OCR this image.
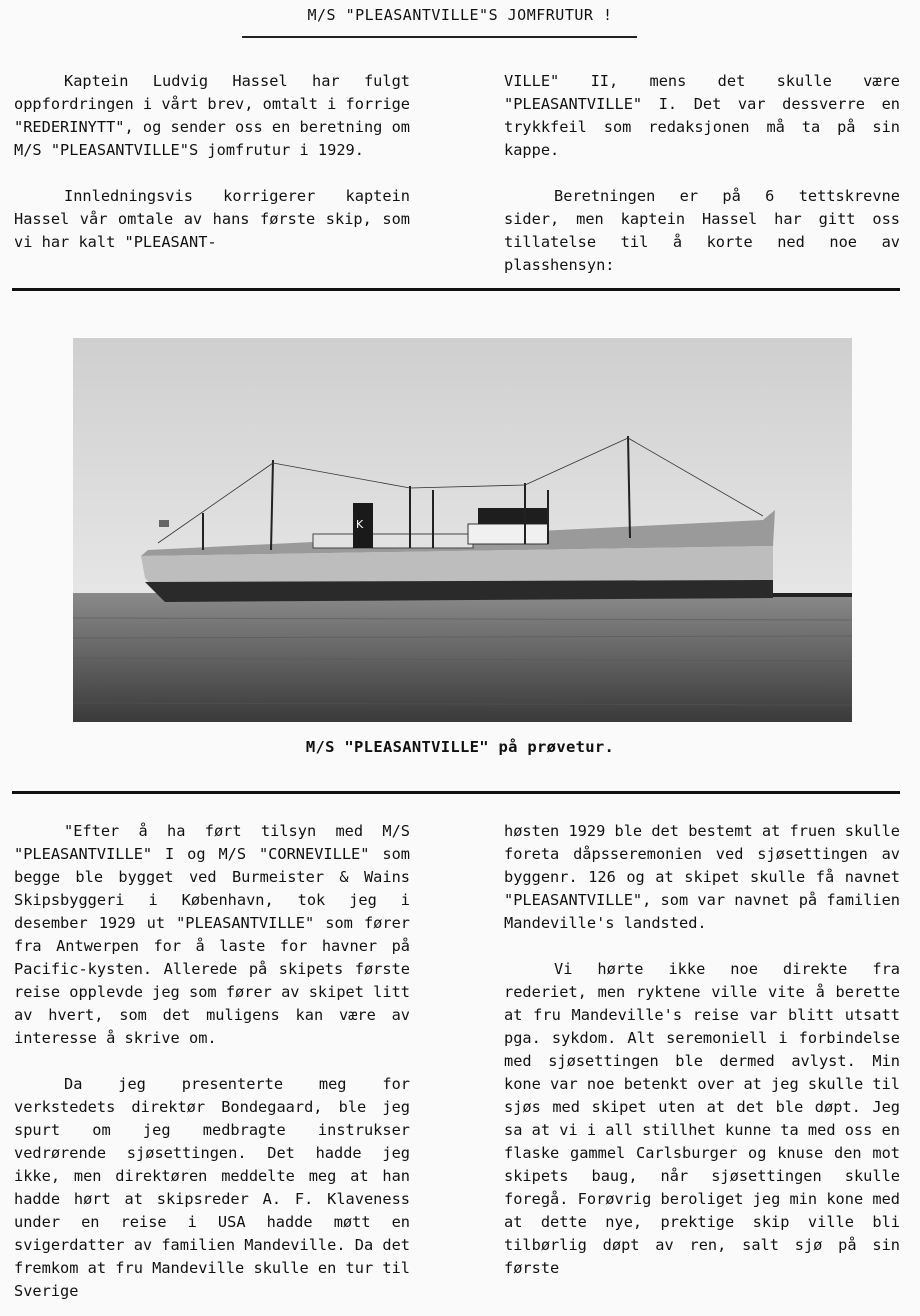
M/S "PLEASANTVILLE"S JOMFRUTUR !

Kaptein Ludvig Hassel har fulgt oppfordringen i vårt brev, omtalt i forrige "REDERINYTT", og sender oss en beretning om M/S "PLEASANTVILLE"S jomfrutur i 1929.

Innledningsvis korrigerer kaptein Hassel vår omtale av hans første skip, som vi har kalt "PLEASANT-

VILLE" II, mens det skulle være "PLEASANTVILLE" I. Det var dessverre en trykkfeil som redaksjonen må ta på sin kappe.

Beretningen er på 6 tettskrevne sider, men kaptein Hassel har gitt oss tillatelse til å korte ned noe av plasshensyn:

K
M/S "PLEASANTVILLE" på prøvetur.

"Efter å ha ført tilsyn med M/S "PLEASANTVILLE" I og M/S "CORNEVILLE" som begge ble bygget ved Burmeister & Wains Skipsbyggeri i København, tok jeg i desember 1929 ut "PLEASANTVILLE" som fører fra Antwerpen for å laste for havner på Pacific-kysten. Allerede på skipets første reise opplevde jeg som fører av skipet litt av hvert, som det muligens kan være av interesse å skrive om.

Da jeg presenterte meg for verkstedets direktør Bondegaard, ble jeg spurt om jeg medbragte instrukser vedrørende sjøsettingen. Det hadde jeg ikke, men direktøren meddelte meg at han hadde hørt at skipsreder A. F. Klaveness under en reise i USA hadde møtt en svigerdatter av familien Mandeville. Da det fremkom at fru Mandeville skulle en tur til Sverige

høsten 1929 ble det bestemt at fruen skulle foreta dåpsseremonien ved sjøsettingen av byggenr. 126 og at skipet skulle få navnet "PLEASANTVILLE", som var navnet på familien Mandeville's landsted.

Vi hørte ikke noe direkte fra rederiet, men ryktene ville vite å berette at fru Mandeville's reise var blitt utsatt pga. sykdom. Alt seremoniell i forbindelse med sjøsettingen ble dermed avlyst. Min kone var noe betenkt over at jeg skulle til sjøs med skipet uten at det ble døpt. Jeg sa at vi i all stillhet kunne ta med oss en flaske gammel Carlsburger og knuse den mot skipets baug, når sjøsettingen skulle foregå. Forøvrig beroliget jeg min kone med at dette nye, prektige skip ville bli tilbørlig døpt av ren, salt sjø på sin første
